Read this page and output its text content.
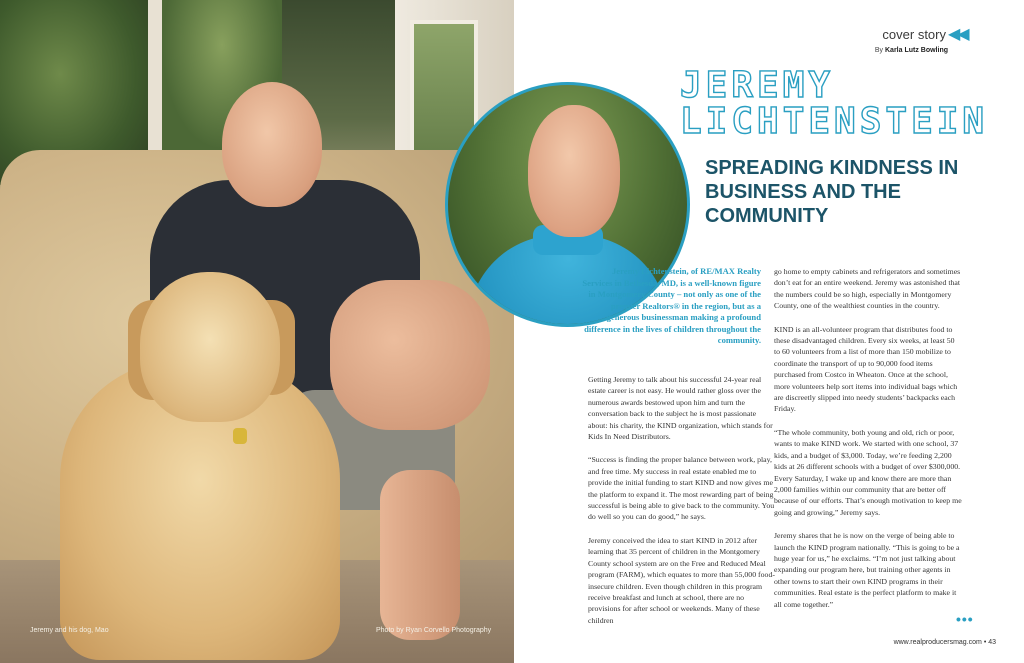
Jeremy and his dog, Mao	Photo by Ryan Corvello Photography
cover story ◀◀
By Karla Lutz Bowling
JEREMY
LICHTENSTEIN
SPREADING KINDNESS IN BUSINESS AND THE COMMUNITY
Jeremy Lichtenstein, of RE/MAX Realty Services in Bethesda, MD, is a well-known figure in Montgomery County – not only as one of the premier Realtors® in the region, but as a generous businessman making a profound difference in the lives of children throughout the community.

Getting Jeremy to talk about his successful 24-year real estate career is not easy. He would rather gloss over the numerous awards bestowed upon him and turn the conversation back to the subject he is most passionate about: his charity, the KIND organization, which stands for Kids In Need Distributors.

“Success is finding the proper balance between work, play, and free time. My success in real estate enabled me to provide the initial funding to start KIND and now gives me the platform to expand it. The most rewarding part of being successful is being able to give back to the community. You do well so you can do good,” he says.

Jeremy conceived the idea to start KIND in 2012 after learning that 35 percent of children in the Montgomery County school system are on the Free and Reduced Meal program (FARM), which equates to more than 55,000 food-insecure children. Even though children in this program receive breakfast and lunch at school, there are no provisions for after school or weekends. Many of these children

go home to empty cabinets and refrigerators and sometimes don’t eat for an entire weekend. Jeremy was astonished that the numbers could be so high, especially in Montgomery County, one of the wealthiest counties in the country.

KIND is an all-volunteer program that distributes food to these disadvantaged children. Every six weeks, at least 50 to 60 volunteers from a list of more than 150 mobilize to coordinate the transport of up to 90,000 food items purchased from Costco in Wheaton. Once at the school, more volunteers help sort items into individual bags which are discreetly slipped into needy students’ backpacks each Friday.

“The whole community, both young and old, rich or poor, wants to make KIND work. We started with one school, 37 kids, and a budget of $3,000. Today, we’re feeding 2,200 kids at 26 different schools with a budget of over $300,000. Every Saturday, I wake up and know there are more than 2,000 families within our community that are better off because of our efforts. That’s enough motivation to keep me going and growing,” Jeremy says.

Jeremy shares that he is now on the verge of being able to launch the KIND program nationally. “This is going to be a huge year for us,” he exclaims. “I’m not just talking about expanding our program here, but training other agents in other towns to start their own KIND programs in their communities. Real estate is the perfect platform to make it all come together.”

•••
www.realproducersmag.com • 43
